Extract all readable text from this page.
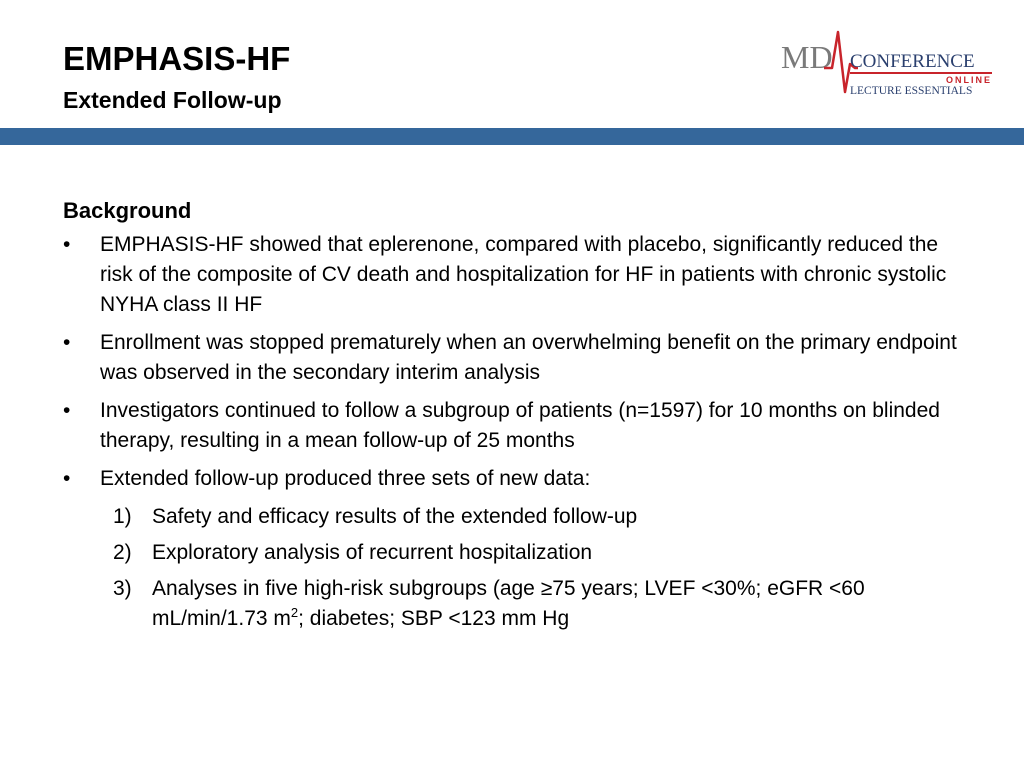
EMPHASIS-HF
Extended Follow-up
MD CONFERENCE
ONLINE
LECTURE ESSENTIALS
Background
• EMPHASIS-HF showed that eplerenone, compared with placebo, significantly reduced the risk of the composite of CV death and hospitalization for HF in patients with chronic systolic NYHA class II HF
• Enrollment was stopped prematurely when an overwhelming benefit on the primary endpoint was observed in the secondary interim analysis
• Investigators continued to follow a subgroup of patients (n=1597) for 10 months on blinded therapy, resulting in a mean follow-up of 25 months
• Extended follow-up produced three sets of new data:
1) Safety and efficacy results of the extended follow-up
2) Exploratory analysis of recurrent hospitalization
3) Analyses in five high-risk subgroups (age ≥75 years; LVEF <30%; eGFR <60 mL/min/1.73 $m^2$; diabetes; SBP <123 mm Hg
